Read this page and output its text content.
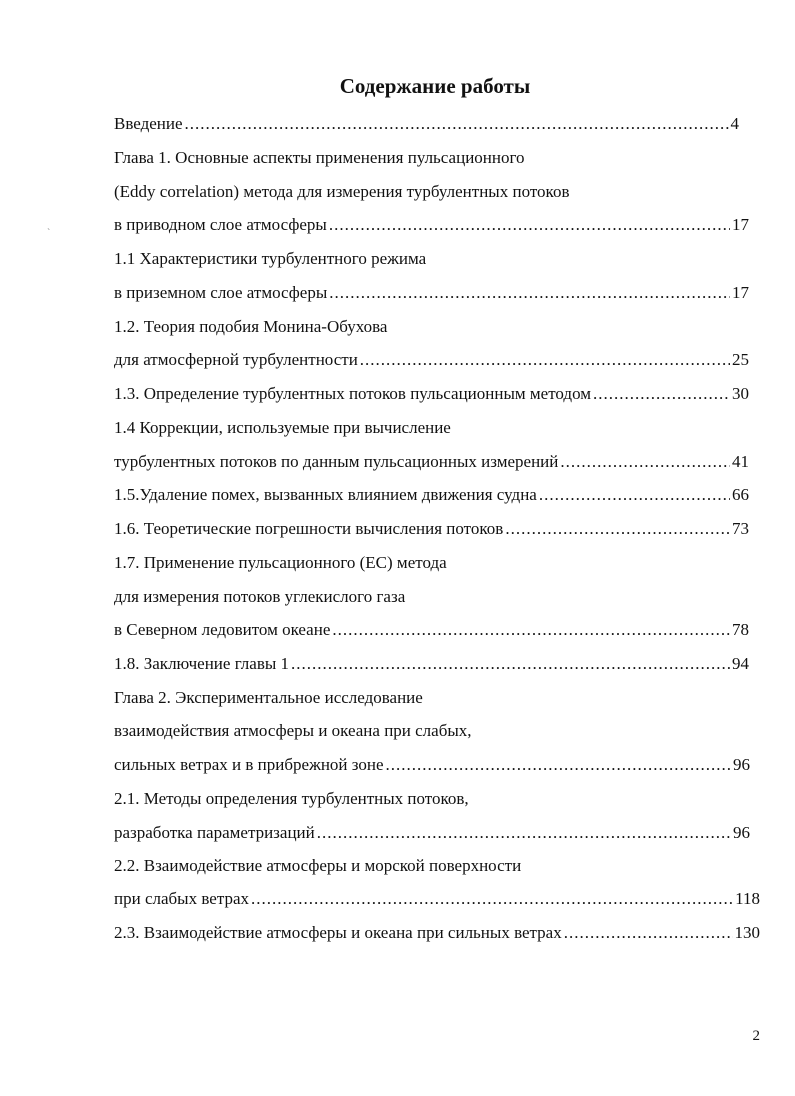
Содержание работы
`
Введение .....	4
Глава 1. Основные аспекты применения пульсационного
(Eddy correlation) метода для измерения турбулентных потоков
в приводном слое атмосферы .....	17
1.1 Характеристики турбулентного режима
в приземном слое атмосферы .....	17
1.2. Теория подобия Монина-Обухова
для атмосферной турбулентности .....	25
1.3. Определение турбулентных потоков пульсационным методом .....	30
1.4 Коррекции, используемые при вычисление
турбулентных потоков по данным пульсационных измерений .....	41
1.5.Удаление помех, вызванных влиянием движения судна .....	66
1.6. Теоретические погрешности вычисления потоков .....	73
1.7. Применение пульсационного (ЕС) метода
для измерения потоков углекислого газа
в Северном ледовитом океане .....	78
1.8. Заключение главы 1 .....	94
Глава 2. Экспериментальное исследование
взаимодействия атмосферы и океана при слабых,
сильных ветрах и в прибрежной зоне .....	96
2.1. Методы определения турбулентных потоков,
разработка параметризаций .....	96
2.2. Взаимодействие атмосферы и морской поверхности
при слабых ветрах .....	118
2.3. Взаимодействие атмосферы и океана при сильных ветрах .....	130
2
